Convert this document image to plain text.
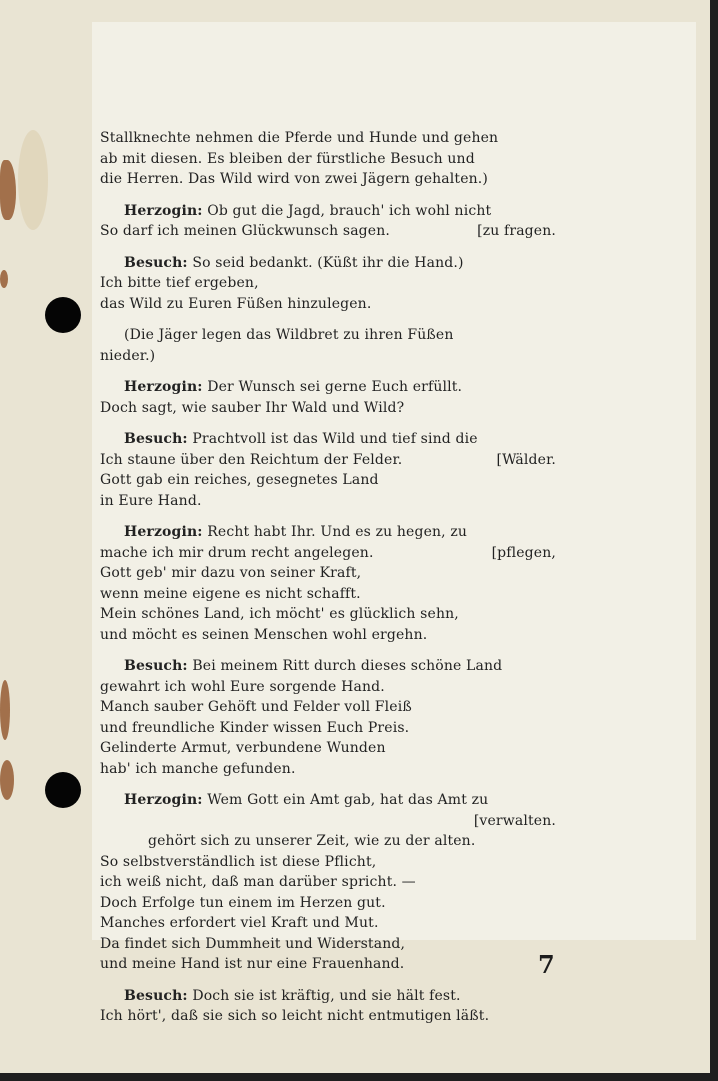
Stallknechte nehmen die Pferde und Hunde und gehen
ab mit diesen. Es bleiben der fürstliche Besuch und
die Herren. Das Wild wird von zwei Jägern gehalten.)
Herzogin: Ob gut die Jagd, brauch' ich wohl nicht
So darf ich meinen Glückwunsch sagen.	[zu fragen.
Besuch: So seid bedankt. (Küßt ihr die Hand.)
Ich bitte tief ergeben,
das Wild zu Euren Füßen hinzulegen.
(Die Jäger legen das Wildbret zu ihren Füßen
nieder.)
Herzogin: Der Wunsch sei gerne Euch erfüllt.
Doch sagt, wie sauber Ihr Wald und Wild?
Besuch: Prachtvoll ist das Wild und tief sind die
Ich staune über den Reichtum der Felder.	[Wälder.
Gott gab ein reiches, gesegnetes Land
in Eure Hand.
Herzogin: Recht habt Ihr. Und es zu hegen, zu
mache ich mir drum recht angelegen.	[pflegen,
Gott geb' mir dazu von seiner Kraft,
wenn meine eigene es nicht schafft.
Mein schönes Land, ich möcht' es glücklich sehn,
und möcht es seinen Menschen wohl ergehn.
Besuch: Bei meinem Ritt durch dieses schöne Land
gewahrt ich wohl Eure sorgende Hand.
Manch sauber Gehöft und Felder voll Fleiß
und freundliche Kinder wissen Euch Preis.
Gelinderte Armut, verbundene Wunden
hab' ich manche gefunden.
Herzogin: Wem Gott ein Amt gab, hat das Amt zu
[verwalten.
gehört sich zu unserer Zeit, wie zu der alten.
So selbstverständlich ist diese Pflicht,
ich weiß nicht, daß man darüber spricht. —
Doch Erfolge tun einem im Herzen gut.
Manches erfordert viel Kraft und Mut.
Da findet sich Dummheit und Widerstand,
und meine Hand ist nur eine Frauenhand.
Besuch: Doch sie ist kräftig, und sie hält fest.
Ich hört', daß sie sich so leicht nicht entmutigen läßt.
7
